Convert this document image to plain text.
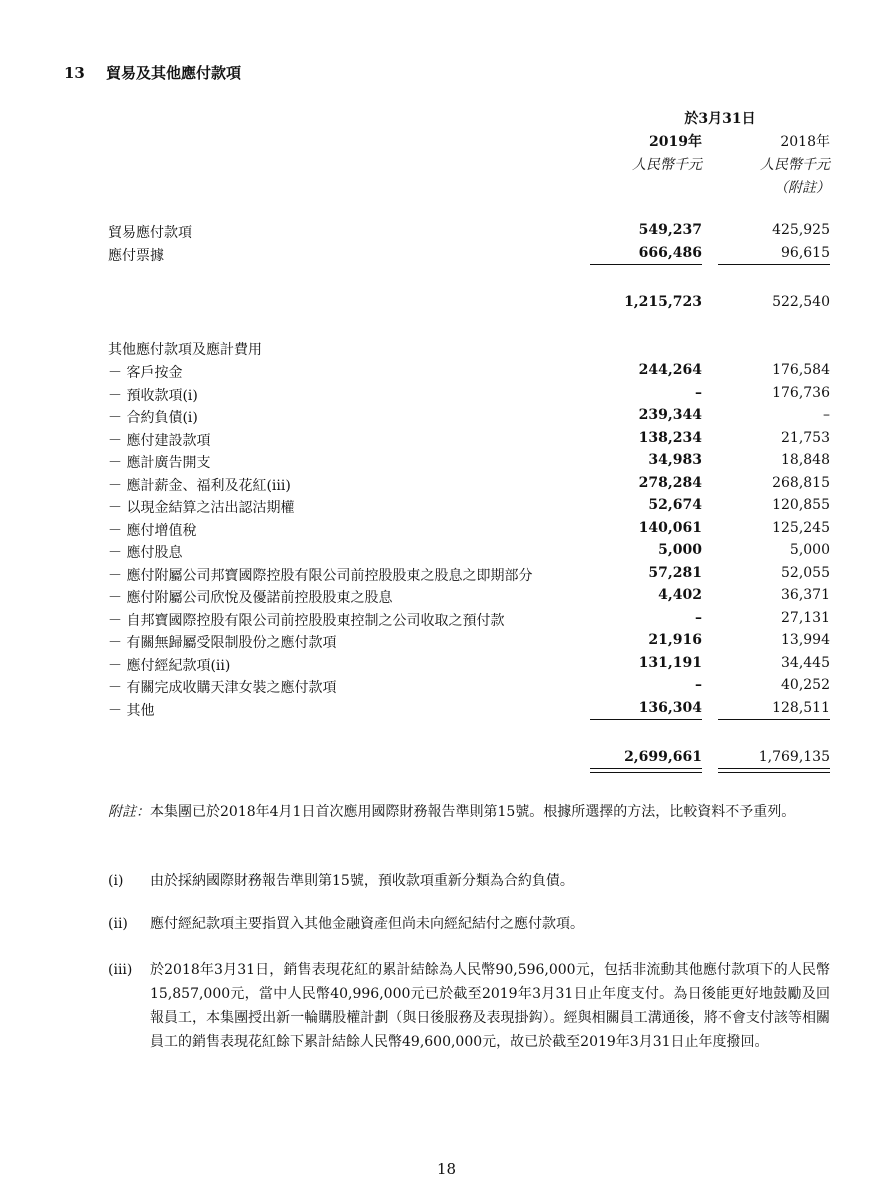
13 貿易及其他應付款項
於3月31日
2019年	2018年
人民幣千元	人民幣千元
（附註）
貿易應付款項	549,237	425,925
應付票據	666,486	96,615
1,215,723	522,540
其他應付款項及應計費用
－ 客戶按金	244,264	176,584
－ 預收款項(i)	–	176,736
－ 合約負債(i)	239,344	–
－ 應付建設款項	138,234	21,753
－ 應計廣告開支	34,983	18,848
－ 應計薪金、福利及花紅(iii)	278,284	268,815
－ 以現金結算之沽出認沽期權	52,674	120,855
－ 應付增值稅	140,061	125,245
－ 應付股息	5,000	5,000
－ 應付附屬公司邦寶國際控股有限公司前控股股東之股息之即期部分	57,281	52,055
－ 應付附屬公司欣悅及優諾前控股股東之股息	4,402	36,371
－ 自邦寶國際控股有限公司前控股股東控制之公司收取之預付款	–	27,131
－ 有關無歸屬受限制股份之應付款項	21,916	13,994
－ 應付經紀款項(ii)	131,191	34,445
－ 有關完成收購天津女裝之應付款項	–	40,252
－ 其他	136,304	128,511
2,699,661	1,769,135
附註： 本集團已於2018年4月1日首次應用國際財務報告準則第15號。根據所選擇的方法，比較資料不予重列。
(i) 由於採納國際財務報告準則第15號，預收款項重新分類為合約負債。
(ii) 應付經紀款項主要指買入其他金融資產但尚未向經紀結付之應付款項。
(iii) 於2018年3月31日，銷售表現花紅的累計結餘為人民幣90,596,000元，包括非流動其他應付款項下的人民幣15,857,000元，當中人民幣40,996,000元已於截至2019年3月31日止年度支付。為日後能更好地鼓勵及回報員工，本集團授出新一輪購股權計劃（與日後服務及表現掛鈎）。經與相關員工溝通後，將不會支付該等相關員工的銷售表現花紅餘下累計結餘人民幣49,600,000元，故已於截至2019年3月31日止年度撥回。
18
